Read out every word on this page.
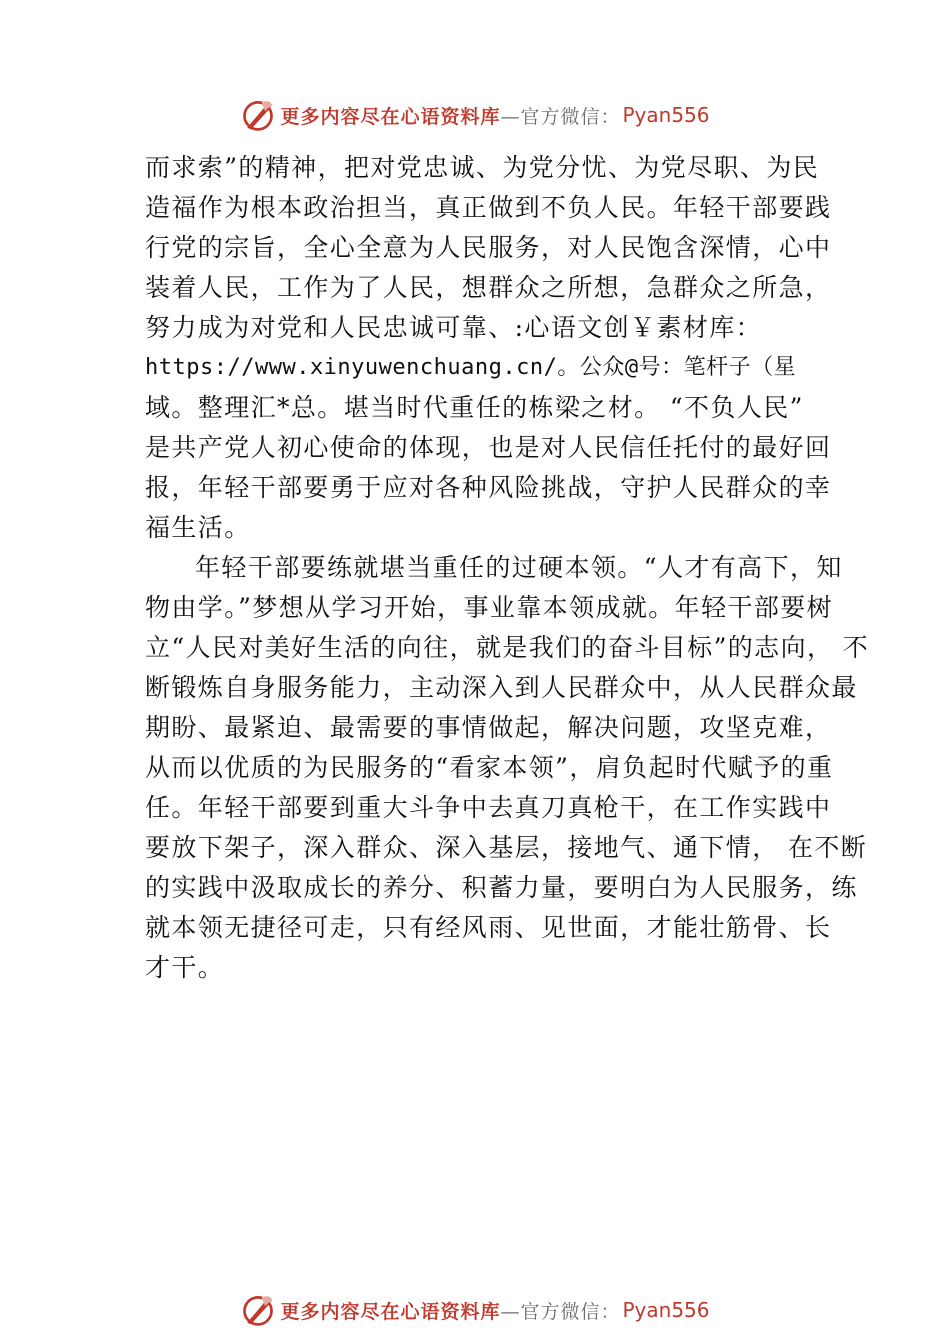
更多内容尽在心语资料库 —官方微信： Pyan556
而求索”的精神，把对党忠诚、为党分忧、为党尽职、为民
造福作为根本政治担当，真正做到不负人民。年轻干部要践
行党的宗旨，全心全意为人民服务，对人民饱含深情，心中
装着人民，工作为了人民，想群众之所想，急群众之所急，
努力成为对党和人民忠诚可靠、:心语文创￥素材库：
https://www.xinyuwenchuang.cn/。公众@号：笔杆子（星
域。整理汇*总。堪当时代重任的栋梁之材。 “不负人民”
是共产党人初心使命的体现，也是对人民信任托付的最好回
报，年轻干部要勇于应对各种风险挑战，守护人民群众的幸
福生活。
年轻干部要练就堪当重任的过硬本领。“人才有高下，知
物由学。”梦想从学习开始，事业靠本领成就。年轻干部要树
立“人民对美好生活的向往，就是我们的奋斗目标”的志向， 不
断锻炼自身服务能力，主动深入到人民群众中，从人民群众最
期盼、最紧迫、最需要的事情做起，解决问题，攻坚克难，
从而以优质的为民服务的“看家本领”，肩负起时代赋予的重
任。年轻干部要到重大斗争中去真刀真枪干，在工作实践中
要放下架子，深入群众、深入基层，接地气、通下情， 在不断
的实践中汲取成长的养分、积蓄力量，要明白为人民服务，练
就本领无捷径可走，只有经风雨、见世面，才能壮筋骨、长
才干。
更多内容尽在心语资料库 —官方微信： Pyan556
